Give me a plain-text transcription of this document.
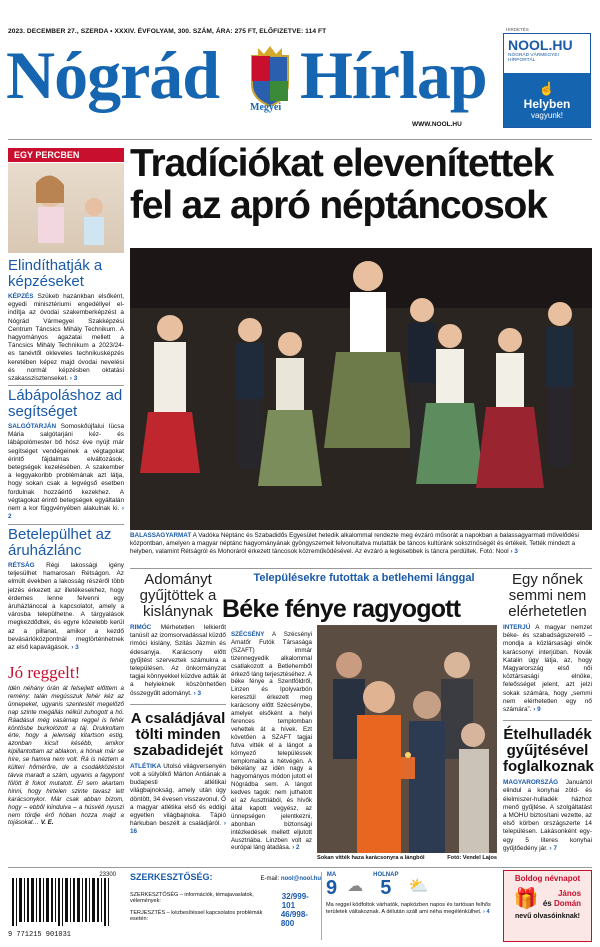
2023. DECEMBER 27., SZERDA • XXXIV. ÉVFOLYAM, 300. SZÁM, ÁRA: 275 FT, ELŐFIZETVE: 114 FT
Nógrád Hírlap
Megyei
WWW.NOOL.HU
HIRDETÉS
NOOL.HU
NÓGRÁD VÁRMEGYEI HÍRPORTÁL
☝
Helyben
vagyunk!
EGY PERCBEN
Elindíthatják a képzéseket

KÉPZÉS Szükeb hazánkban elsőként, egyedi minisztériumi engedéllyel el-indítja az óvodai szakemberképzést a Nógrád Vármegyei Szakképzési Centrum Táncsics Mihály Technikum. A hagyományos ágazatai mellett a Táncsics Mihály Technikum a 2023/24-es tanévtől okleveles technikusképzés keretében képez majd óvodai nevelési és normál képzésben oktatási szakasszisztenseket. › 3

Lábápoláshoz ad segítséget

SALGÓTARJÁN Somoskőújfalui Iücsa Mária salgótarjáni kéz- és lábápolómester bő hósz éve nyújt már segítséget vendégeinek a végtagokat érintő fájdalmas elváltozások, betegségek kezelésében. A szakember a leggyakoribb problémának azt látja, hogy sokan csak a legvégső esetben fordulnak hozzáértő kezekhez. A végtagokat érintő betegségek egyáltalán nem a kor függvényében alakulnak ki. › 2

Betelepülhet az áruházlánc

RÉTSÁG Régi lakossági igény teljesülhet hamarosan Rétságon. Az elmúlt években a lakosság részéről több jelzés érkezett az illetékesekhez, hogy érdemes lenne felvenni egy áruházlánccal a kapcsolatot, amely a városba települhetne. A tárgyalások megkezdődtek, és egyre közelebb kerül az a pillanat, amikor a kezdő bevásárlóközpontnál megtörténhetnek az első kapavágások. › 3

Jó reggelt!

Idén néhány órán át felsejlett előttem a remény: talán megússzuk fehér kéz az ünnepeket, ugyanis szentestét megelőző nap szinte megállás nélkül zuhogott a hó. Ráadásul még vasárnap reggel is fehér köntösbe burkolózott a táj. Drukkoltam érte, hogy a jelenség kitartson estig, azonban kicsit késébb, amikor kipillantottam az ablakon, a hónak már se híre, se hamva nem volt. Rá is néztem a külteri hőmérőre, de a csodákközéstol távva maradt a szám, ugyanis a fagypont fölött 8 fokot mutatott. El sem akartam hinni, hogy hirtelen szinte tavasz lett karácsonykor. Már csak abban bízom, hogy – ebből kiindulva – a húsvéti nyuszi nem tördje érő hóban hozza majd a tojásokat… V. E.

Tradíciókat elevenítettek fel az apró néptáncosok

BALASSAGYARMAT A Vadóka Néptánc és Szabadidős Egyesület hetedik alkalommal rendezte meg évzáró műsorát a napokban a balassagyarmati művelődési központban, amelyen a magyar néptánc hagyományának gyöngyszemeit felvonultatva mutatták be táncos kultúránk sokszínűségét és értékeit. Tették mindezt a helyben, valamint Rétságról és Mohoráról érkezett táncosok közreműködésével. Az évzáró a legkisebbek is táncra perdültek. Fotó: Nool › 3

Adományt gyűjtöttek a kislánynak

RIMÓC Mérhetetlen lelkierőt tanúsít az izomsorvadással küzdő rimóci kislány, Szitás Jázmin és édesanyja. Karácsony előtt gyűjtést szerveztek számukra a településen. Az önkormányzat tagjai könnyekkel küzdve adták át a helyieknek köszönhetően összegyűlt adományt. › 3

A családjával tölti minden szabadidejét

ATLÉTIKA Utolsó világversenyén volt a sülyölkő Márton Antiának a budapesti atlétikai világbajnokság, amely után úgy döntött, 34 évesen visszavonul. Ő a magyar atlétika első és eddigi egyetlen világbajnoka. Tápió hárkuban beszélt a családjáról. › 16

Településekre futottak a betlehemi lánggal
Béke fénye ragyogott

SZÉCSÉNY A Szécsényi Amatőr Futók Társasága (SZAFT) immár tizennegyedik alkalommal csatlakozott a Betlehemből érkező láng terjesztéséhez. A béke fénye a Szentföldről, Linzen és Ipolyvarbón keresztül érkezett meg karácsony előtt Szécsénybe, amelyet elsőként a helyi ferences templomban vehettek át a hívek. Ezt követően a SZAFT tagjai futva vitték el a lángot a környező településsek templomaiba a hétvégén. A békelány az idén nagy a hagyományos módon jutott el Nógrádba sem. A lángot kedves tagok: nem juthatott el az Ausztriából, és hívők által kapott vegyész, az ünnepségen jelentkezni, abonban biztonsági intézkedések mellett eljutott Ausztriába. Linzben volt az európai láng átadása. › 2

Sokan vitték haza karácsonyra a lángból	Fotó: Vendel Lajos
Egy nőnek semmi nem elérhetetlen

INTERJÚ A magyar nemzet béke- és szabadságszerető – mondja a közlársasági elnök karácsonyi interjúban. Novák Katalin úgy látja, az, hogy Magyarország első női köztársasági elnöke, feleősséget jelent, azt jelzi sokak számára, hogy „semmi nem elérhetetlen egy nő számára”. › 9

Ételhulladék gyűjtésével foglalkoznak

MAGYARORSZÁG Januártól elindul a konyhai zöld- és élelmiszer-hulladék házhoz menő gyűjtése. A szolgáltatást a MOHU biztosítani vezette, az első körben országszerte 14 településen. Lakásonként egy-egy 5 literes konyhai gyűjtőedény jár. › 7

23300
9 771215 901031
SZERKESZTŐSÉG:	E-mail: nool@nool.hu
SZERKESZTŐSÉG – információk, témajavaslatok, vélemények:	32/999-101
TERJESZTÉS – kézbesítéssel kapcsolatos problémák esetén:	46/998-800
MA
9 ☁
HOLNAP
5	⛅

Ma reggel ködfoltok várhatók, napközben napos és tartósan felhős területek váltakoznak. A délután száll ami néha megélénkülhet. › 4

Boldog névnapot
🎁	János
és Domán
nevű olvasóinknak!
